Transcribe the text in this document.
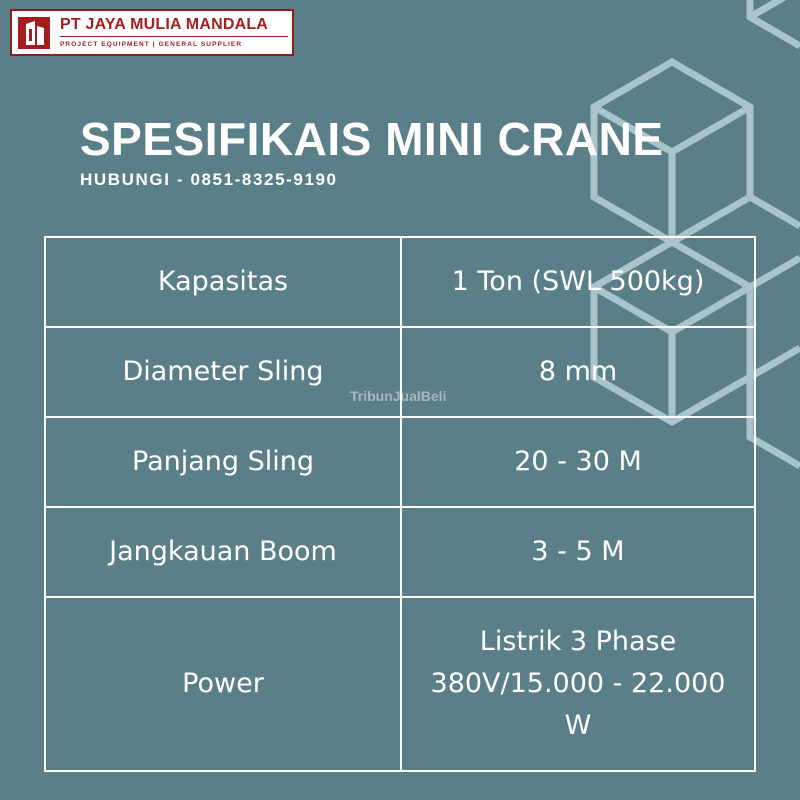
PT JAYA MULIA MANDALA
PROJECT EQUIPMENT | GENERAL SUPPLIER
SPESIFIKAIS MINI CRANE

HUBUNGI - 0851-8325-9190

Kapasitas	1 Ton (SWL 500kg)

Diameter Sling	8 mm

Panjang Sling	20 - 30 M

Jangkauan Boom	3 - 5 M

Power	Listrik 3 Phase
380V/15.000 - 22.000
W
TribunJualBeli
